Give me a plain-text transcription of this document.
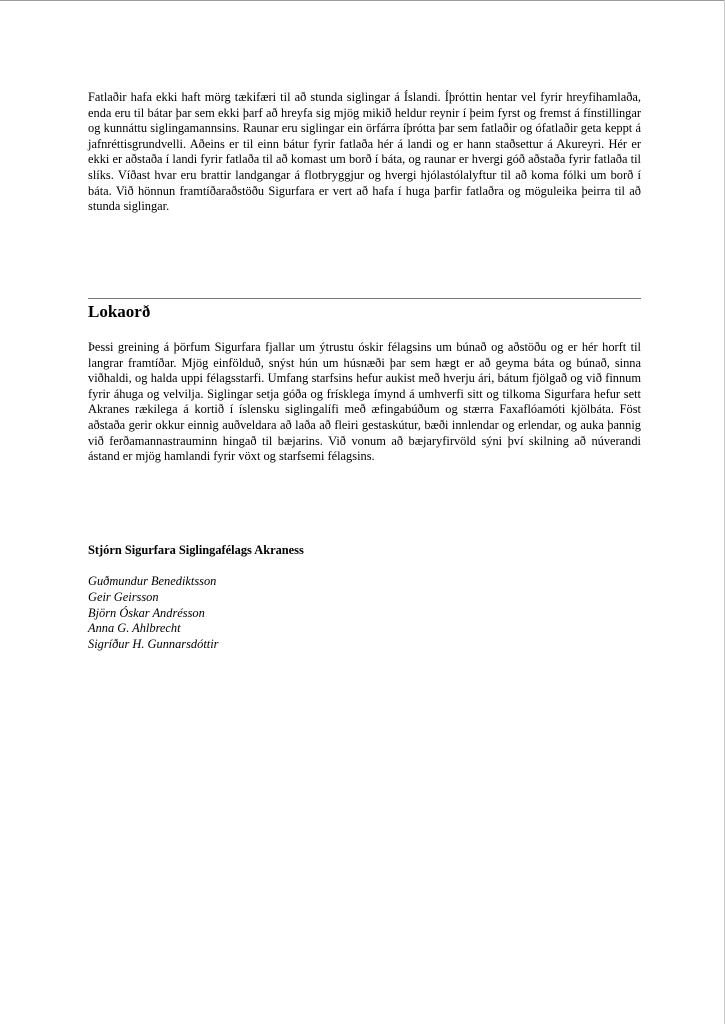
Fatlaðir hafa ekki haft mörg tækifæri til að stunda siglingar á Íslandi. Íþróttin hentar vel fyrir hreyfihamlaða, enda eru til bátar þar sem ekki þarf að hreyfa sig mjög mikið heldur reynir í þeim fyrst og fremst á fínstillingar og kunnáttu siglingamannsins. Raunar eru siglingar ein örfárra íþrótta þar sem fatlaðir og ófatlaðir geta keppt á jafnréttisgrundvelli. Aðeins er til einn bátur fyrir fatlaða hér á landi og er hann staðsettur á Akureyri. Hér er ekki er aðstaða í landi fyrir fatlaða til að komast um borð í báta, og raunar er hvergi góð aðstaða fyrir fatlaða til slíks. Víðast hvar eru brattir landgangar á flotbryggjur og hvergi hjólastólalyftur til að koma fólki um borð í báta. Við hönnun framtíðaraðstöðu Sigurfara er vert að hafa í huga þarfir fatlaðra og möguleika þeirra til að stunda siglingar.

Lokaorð

Þessi greining á þörfum Sigurfara fjallar um ýtrustu óskir félagsins um búnað og aðstöðu og er hér horft til langrar framtíðar. Mjög einfölduð, snýst hún um húsnæði þar sem hægt er að geyma báta og búnað, sinna viðhaldi, og halda uppi félagsstarfi. Umfang starfsins hefur aukist með hverju ári, bátum fjölgað og við finnum fyrir áhuga og velvilja. Siglingar setja góða og frísklega ímynd á umhverfi sitt og tilkoma Sigurfara hefur sett Akranes rækilega á kortið í íslensku siglingalífi með æfingabúðum og stærra Faxaflóamóti kjölbáta. Föst aðstaða gerir okkur einnig auðveldara að laða að fleiri gestaskútur, bæði innlendar og erlendar, og auka þannig við ferðamannastrauminn hingað til bæjarins. Við vonum að bæjaryfirvöld sýni því skilning að núverandi ástand er mjög hamlandi fyrir vöxt og starfsemi félagsins.

Stjórn Sigurfara Siglingafélags Akraness

Guðmundur Benediktsson
Geir Geirsson
Björn Óskar Andrésson
Anna G. Ahlbrecht
Sigríður H. Gunnarsdóttir
